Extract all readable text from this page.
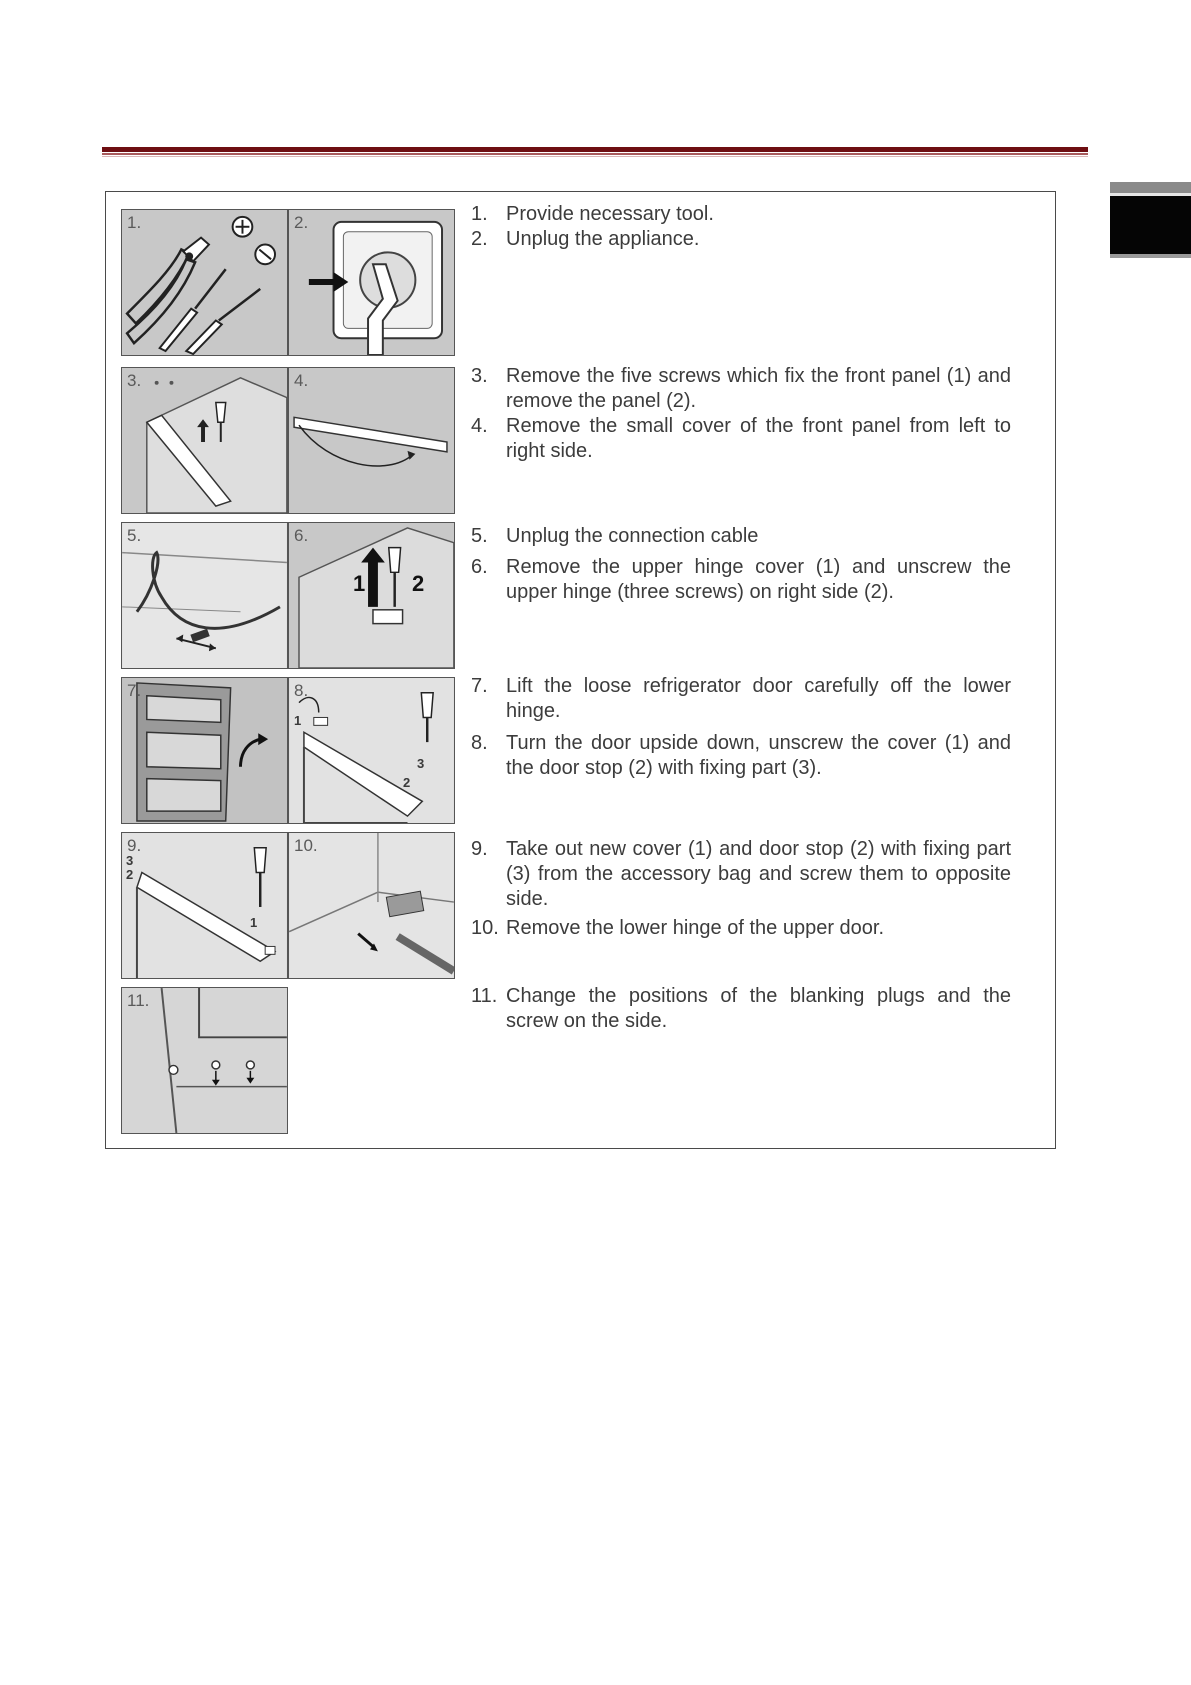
1.	2.
3.	4.
5.	6.
1 2
7.	8.
1
3
2
9.
3
2
1
10.
11.
1. Provide necessary tool.
2. Unplug the appliance.
3. Remove the five screws which fix the front panel (1) and remove the panel (2).
4. Remove the small cover of the front panel from left to right side.
5. Unplug the connection cable
6. Remove the upper hinge cover (1) and unscrew the upper hinge (three screws) on right side (2).
7. Lift the loose refrigerator door carefully off the lower hinge.
8. Turn the door upside down, unscrew the cover (1) and the door stop (2) with fixing part (3).
9. Take out new cover (1) and door stop (2) with fixing part (3) from the accessory bag and screw them to opposite side.
10. Remove the lower hinge of the upper door.
11. Change the positions of the blanking plugs and the screw on the side.
